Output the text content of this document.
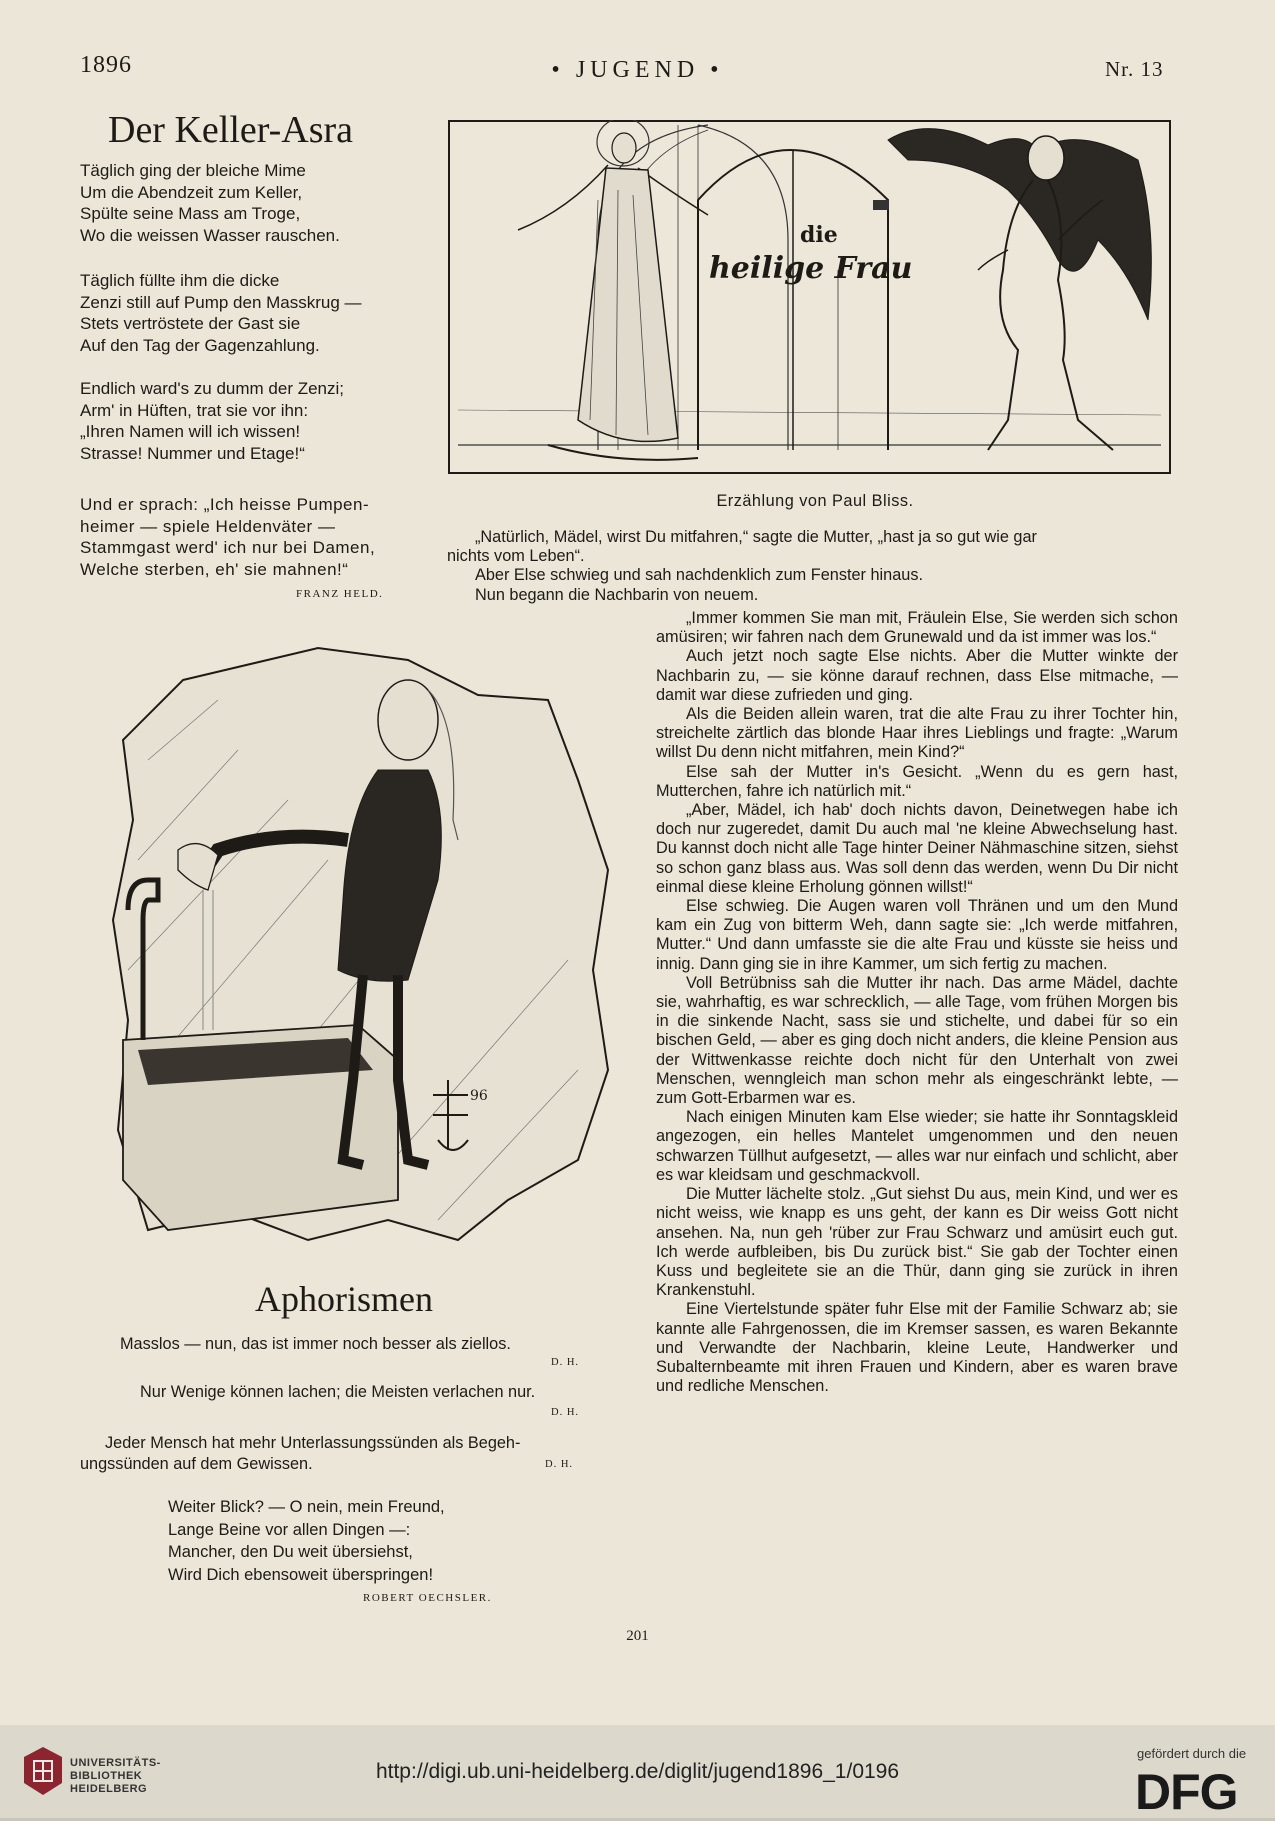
1896	• JUGEND •	Nr. 13
Der Keller-Asra
Täglich ging der bleiche Mime
Um die Abendzeit zum Keller,
Spülte seine Mass am Troge,
Wo die weissen Wasser rauschen.
Täglich füllte ihm die dicke
Zenzi still auf Pump den Masskrug —
Stets vertröstete der Gast sie
Auf den Tag der Gagenzahlung.
Endlich ward's zu dumm der Zenzi;
Arm' in Hüften, trat sie vor ihn:
„Ihren Namen will ich wissen!
Strasse! Nummer und Etage!“
Und er sprach: „Ich heisse Pumpen-
heimer — spiele Heldenväter —
Stammgast werd' ich nur bei Damen,
Welche sterben, eh' sie mahnen!“
FRANZ HELD.
die
heilige Frau
Erzählung von Paul Bliss.

„Natürlich, Mädel, wirst Du mitfahren,“ sagte die Mutter, „hast ja so gut wie gar

nichts vom Leben“.

Aber Else schwieg und sah nachdenklich zum Fenster hinaus.

Nun begann die Nachbarin von neuem.

„Immer kommen Sie man mit, Fräulein Else, Sie werden sich schon amüsiren; wir fahren nach dem Grunewald und da ist immer was los.“

Auch jetzt noch sagte Else nichts. Aber die Mutter winkte der Nachbarin zu, — sie könne darauf rechnen, dass Else mitmache, — damit war diese zufrieden und ging.

Als die Beiden allein waren, trat die alte Frau zu ihrer Tochter hin, streichelte zärtlich das blonde Haar ihres Lieblings und fragte: „Warum willst Du denn nicht mitfahren, mein Kind?“

Else sah der Mutter in's Gesicht. „Wenn du es gern hast, Mutterchen, fahre ich natürlich mit.“

„Aber, Mädel, ich hab' doch nichts davon, Deinetwegen habe ich doch nur zugeredet, damit Du auch mal 'ne kleine Abwechselung hast. Du kannst doch nicht alle Tage hinter Deiner Nähmaschine sitzen, siehst so schon ganz blass aus. Was soll denn das werden, wenn Du Dir nicht einmal diese kleine Erholung gönnen willst!“

Else schwieg. Die Augen waren voll Thränen und um den Mund kam ein Zug von bitterm Weh, dann sagte sie: „Ich werde mitfahren, Mutter.“ Und dann umfasste sie die alte Frau und küsste sie heiss und innig. Dann ging sie in ihre Kammer, um sich fertig zu machen.

Voll Betrübniss sah die Mutter ihr nach. Das arme Mädel, dachte sie, wahrhaftig, es war schrecklich, — alle Tage, vom frühen Morgen bis in die sinkende Nacht, sass sie und stichelte, und dabei für so ein bischen Geld, — aber es ging doch nicht anders, die kleine Pension aus der Wittwenkasse reichte doch nicht für den Unterhalt von zwei Menschen, wenngleich man schon mehr als eingeschränkt lebte, — zum Gott-Erbarmen war es.

Nach einigen Minuten kam Else wieder; sie hatte ihr Sonntagskleid angezogen, ein helles Mantelet umgenommen und den neuen schwarzen Tüllhut aufgesetzt, — alles war nur einfach und schlicht, aber es war kleidsam und geschmackvoll.

Die Mutter lächelte stolz. „Gut siehst Du aus, mein Kind, und wer es nicht weiss, wie knapp es uns geht, der kann es Dir weiss Gott nicht ansehen. Na, nun geh 'rüber zur Frau Schwarz und amüsirt euch gut. Ich werde aufbleiben, bis Du zurück bist.“ Sie gab der Tochter einen Kuss und begleitete sie an die Thür, dann ging sie zurück in ihren Krankenstuhl.

Eine Viertelstunde später fuhr Else mit der Familie Schwarz ab; sie kannte alle Fahrgenossen, die im Kremser sassen, es waren Bekannte und Verwandte der Nachbarin, kleine Leute, Handwerker und Subalternbeamte mit ihren Frauen und Kindern, aber es waren brave und redliche Menschen.

96
Aphorismen
Masslos — nun, das ist immer noch besser als ziellos.
D. H.
Nur Wenige können lachen; die Meisten verlachen nur.
D. H.
Jeder Mensch hat mehr Unterlassungssünden als Begeh-
ungssünden auf dem Gewissen.	D. H.
Weiter Blick? — O nein, mein Freund,
Lange Beine vor allen Dingen —:
Mancher, den Du weit übersiehst,
Wird Dich ebensoweit überspringen!
ROBERT OECHSLER.
201
UNIVERSITÄTS-
BIBLIOTHEK
HEIDELBERG
http://digi.ub.uni-heidelberg.de/diglit/jugend1896_1/0196
gefördert durch die
DFG
